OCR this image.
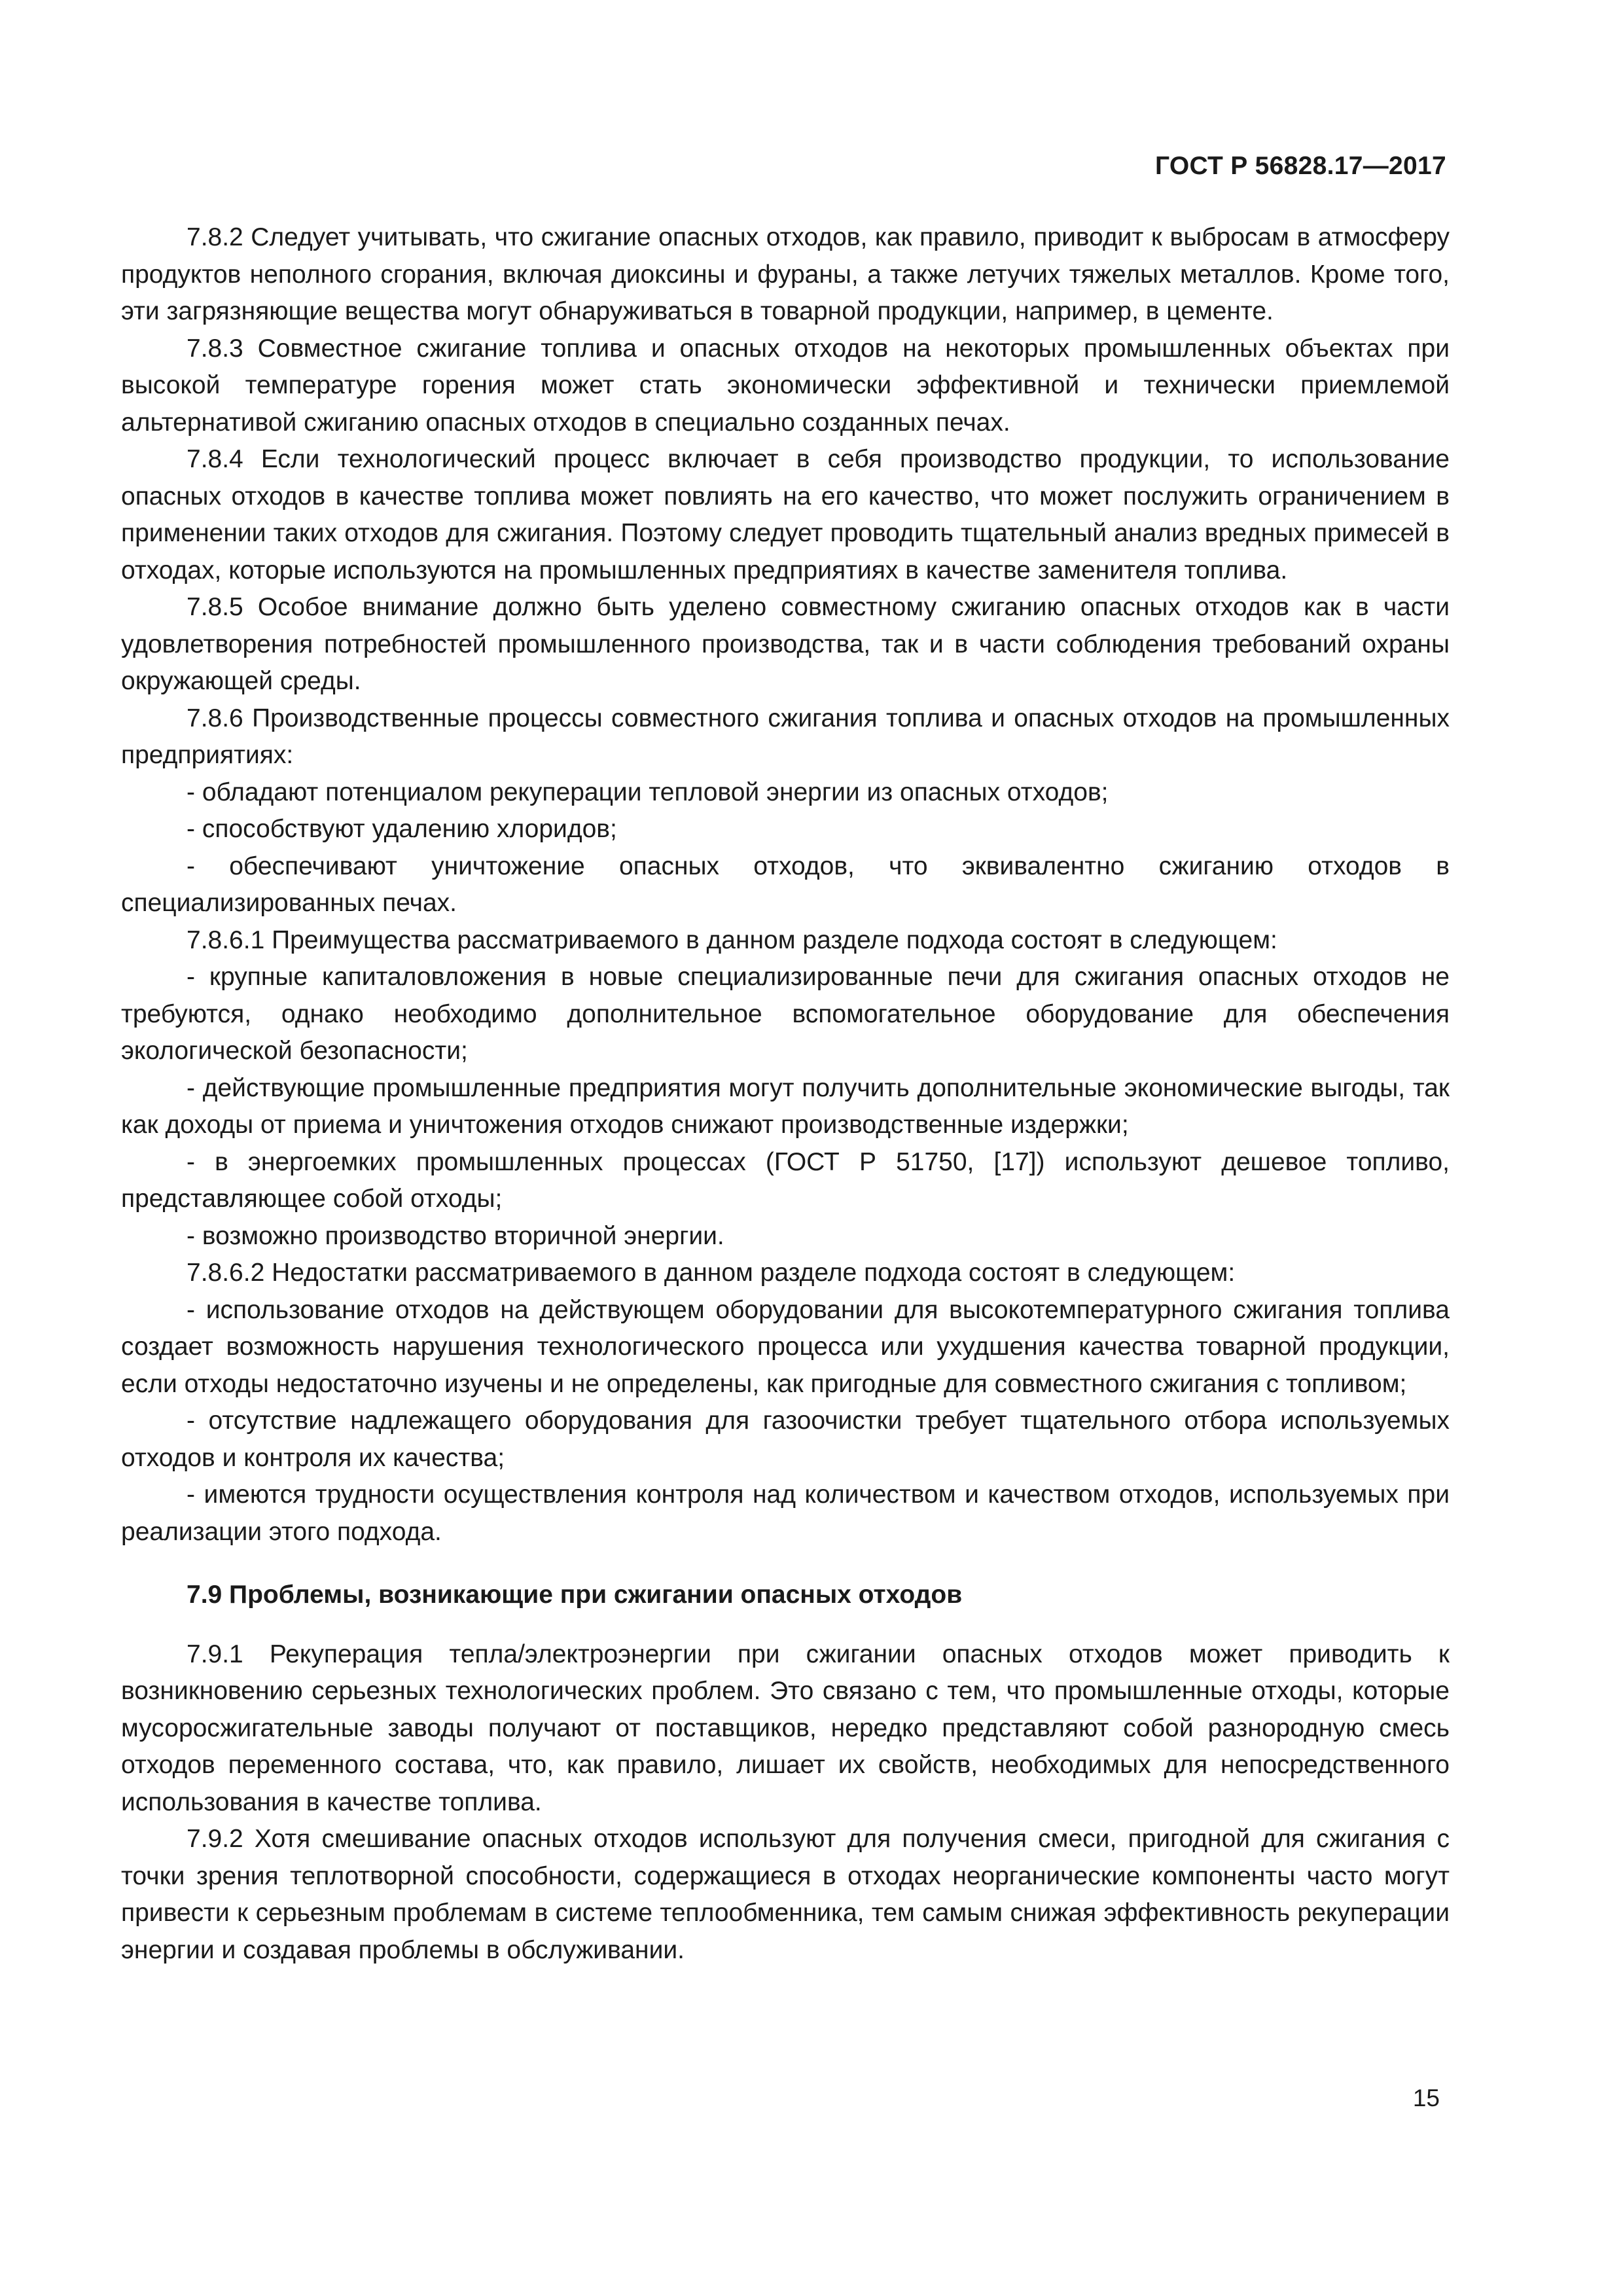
ГОСТ Р 56828.17—2017

7.8.2 Следует учитывать, что сжигание опасных отходов, как правило, приводит к выбросам в атмосферу продуктов неполного сгорания, включая диоксины и фураны, а также летучих тяжелых металлов. Кроме того, эти загрязняющие вещества могут обнаруживаться в товарной продукции, например, в цементе.

7.8.3 Совместное сжигание топлива и опасных отходов на некоторых промышленных объектах при высокой температуре горения может стать экономически эффективной и технически приемлемой альтернативой сжиганию опасных отходов в специально созданных печах.

7.8.4 Если технологический процесс включает в себя производство продукции, то использование опасных отходов в качестве топлива может повлиять на его качество, что может послужить ограничением в применении таких отходов для сжигания. Поэтому следует проводить тщательный анализ вредных примесей в отходах, которые используются на промышленных предприятиях в качестве заменителя топлива.

7.8.5 Особое внимание должно быть уделено совместному сжиганию опасных отходов как в части удовлетворения потребностей промышленного производства, так и в части соблюдения требований охраны окружающей среды.

7.8.6 Производственные процессы совместного сжигания топлива и опасных отходов на промышленных предприятиях:

- обладают потенциалом рекуперации тепловой энергии из опасных отходов;

- способствуют удалению хлоридов;

- обеспечивают уничтожение опасных отходов, что эквивалентно сжиганию отходов в специализированных печах.

7.8.6.1 Преимущества рассматриваемого в данном разделе подхода состоят в следующем:

- крупные капиталовложения в новые специализированные печи для сжигания опасных отходов не требуются, однако необходимо дополнительное вспомогательное оборудование для обеспечения экологической безопасности;

- действующие промышленные предприятия могут получить дополнительные экономические выгоды, так как доходы от приема и уничтожения отходов снижают производственные издержки;

- в энергоемких промышленных процессах (ГОСТ Р 51750, [17]) используют дешевое топливо, представляющее собой отходы;

- возможно производство вторичной энергии.

7.8.6.2 Недостатки рассматриваемого в данном разделе подхода состоят в следующем:

- использование отходов на действующем оборудовании для высокотемпературного сжигания топлива создает возможность нарушения технологического процесса или ухудшения качества товарной продукции, если отходы недостаточно изучены и не определены, как пригодные для совместного сжигания с топливом;

- отсутствие надлежащего оборудования для газоочистки требует тщательного отбора используемых отходов и контроля их качества;

- имеются трудности осуществления контроля над количеством и качеством отходов, используемых при реализации этого подхода.

7.9 Проблемы, возникающие при сжигании опасных отходов

7.9.1 Рекуперация тепла/электроэнергии при сжигании опасных отходов может приводить к возникновению серьезных технологических проблем. Это связано с тем, что промышленные отходы, которые мусоросжигательные заводы получают от поставщиков, нередко представляют собой разнородную смесь отходов переменного состава, что, как правило, лишает их свойств, необходимых для непосредственного использования в качестве топлива.

7.9.2 Хотя смешивание опасных отходов используют для получения смеси, пригодной для сжигания с точки зрения теплотворной способности, содержащиеся в отходах неорганические компоненты часто могут привести к серьезным проблемам в системе теплообменника, тем самым снижая эффективность рекуперации энергии и создавая проблемы в обслуживании.

15
